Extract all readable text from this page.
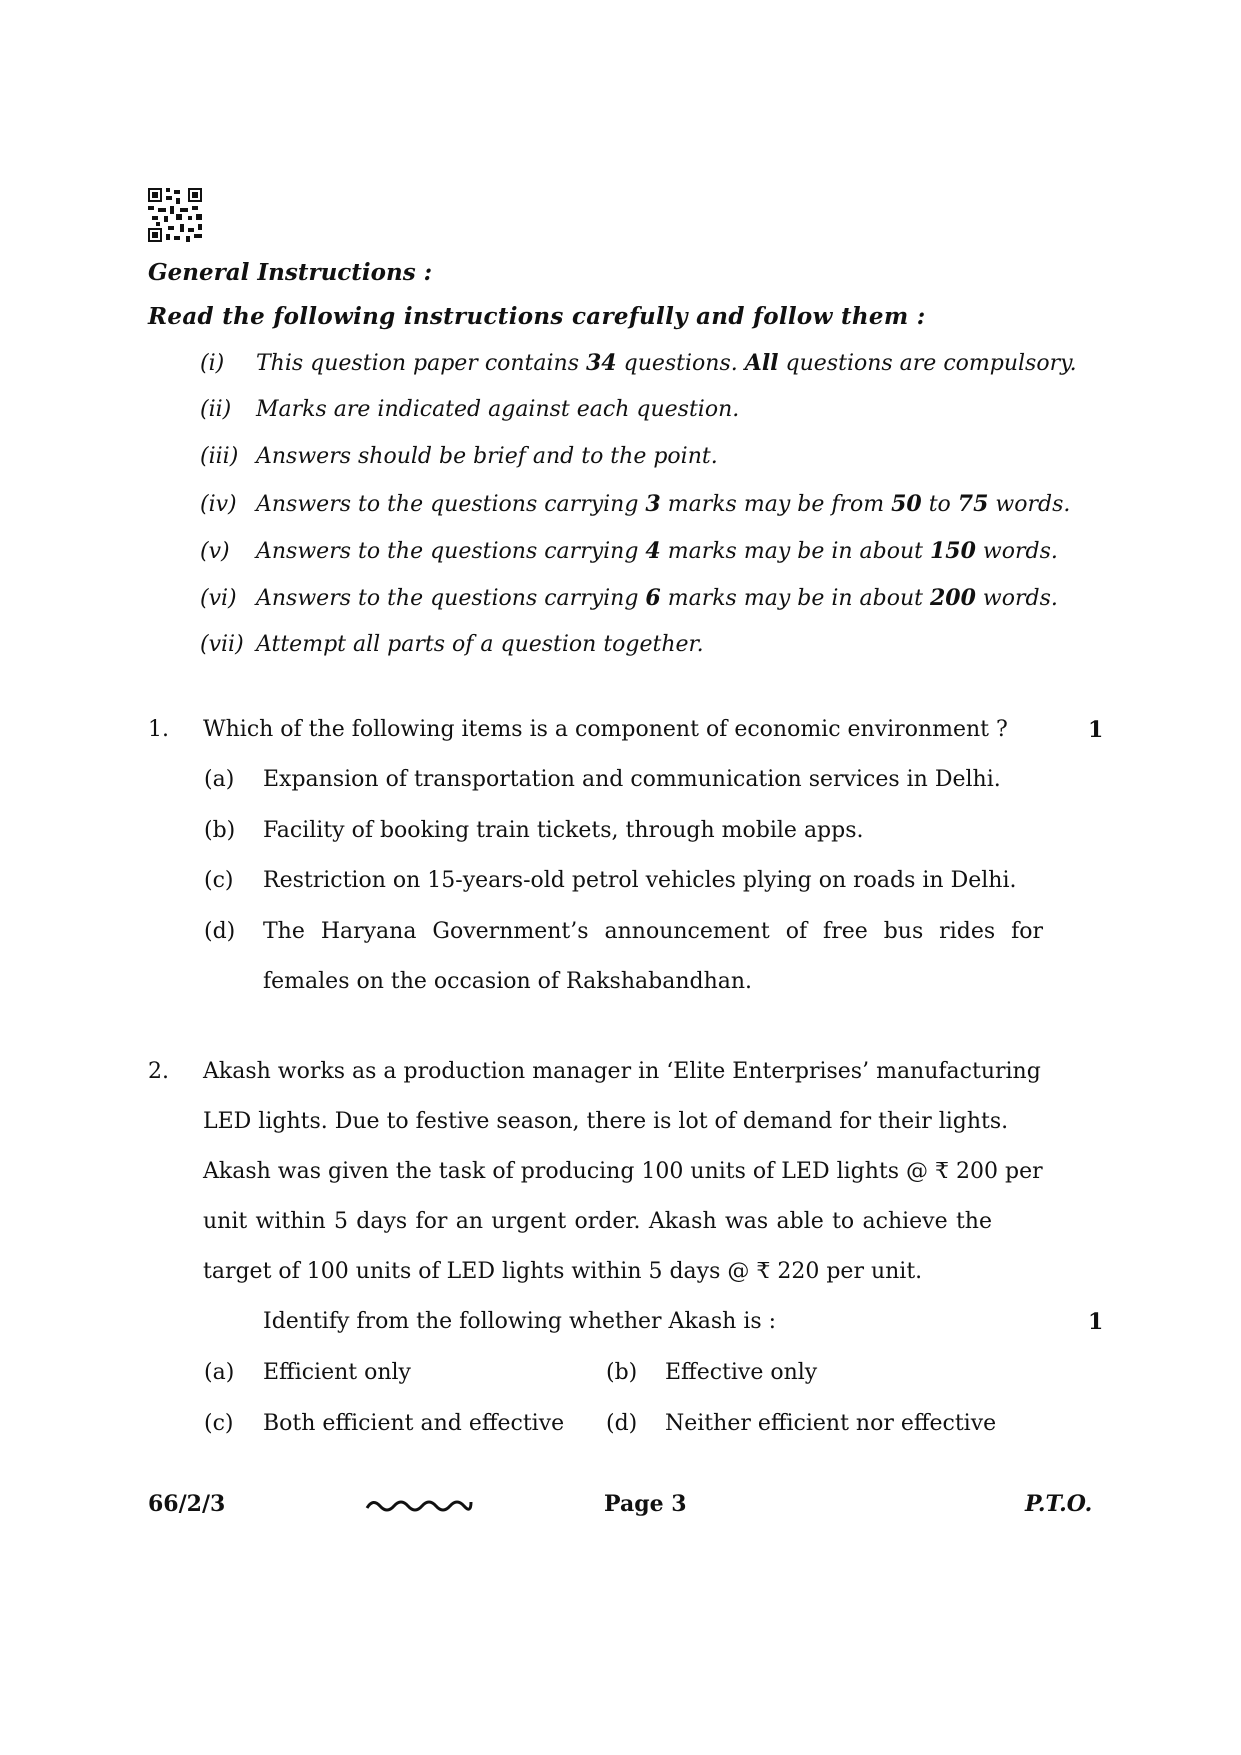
General Instructions :
Read the following instructions carefully and follow them :
(i) This question paper contains 34 questions. All questions are compulsory.
(ii) Marks are indicated against each question.
(iii) Answers should be brief and to the point.
(iv) Answers to the questions carrying 3 marks may be from 50 to 75 words.
(v) Answers to the questions carrying 4 marks may be in about 150 words.
(vi) Answers to the questions carrying 6 marks may be in about 200 words.
(vii) Attempt all parts of a question together.
1. Which of the following items is a component of economic environment ?	1
(a) Expansion of transportation and communication services in Delhi.
(b) Facility of booking train tickets, through mobile apps.
(c) Restriction on 15-years-old petrol vehicles plying on roads in Delhi.
(d) The Haryana Government’s announcement of free bus rides for
females on the occasion of Rakshabandhan.
2. Akash works as a production manager in ‘Elite Enterprises’ manufacturing
LED lights. Due to festive season, there is lot of demand for their lights.
Akash was given the task of producing 100 units of LED lights @ ₹ 200 per
unit within 5 days for an urgent order. Akash was able to achieve the
target of 100 units of LED lights within 5 days @ ₹ 220 per unit.
Identify from the following whether Akash is :	1
(a) Efficient only	(b) Effective only
(c) Both efficient and effective (d) Neither efficient nor effective
66/2/3	Page 3	P.T.O.
